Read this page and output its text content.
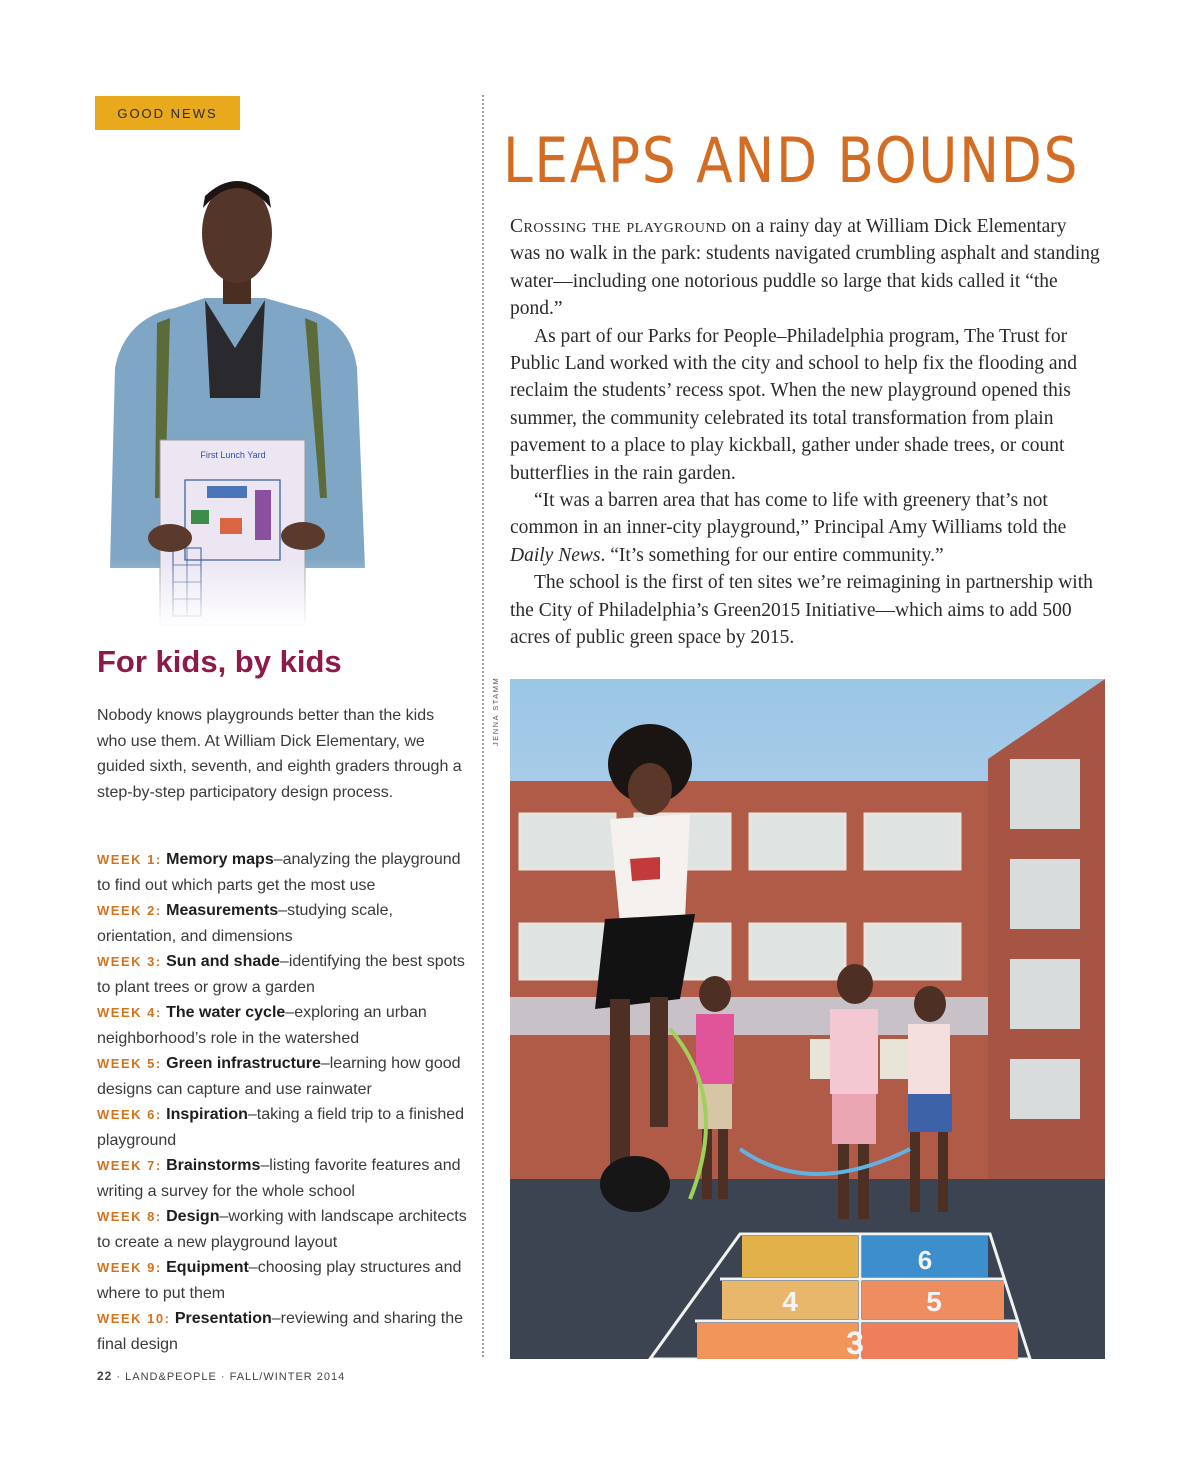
GOOD NEWS
For kids, by kids

Nobody knows playgrounds better than the kids who use them. At William Dick Elementary, we guided sixth, seventh, and eighth graders through a step-by-step participatory design process.

WEEK 1: Memory maps–analyzing the playground to find out which parts get the most use
WEEK 2: Measurements–studying scale, orientation, and dimensions
WEEK 3: Sun and shade–identifying the best spots to plant trees or grow a garden
WEEK 4: The water cycle–exploring an urban neighborhood’s role in the watershed
WEEK 5: Green infrastructure–learning how good designs can capture and use rainwater
WEEK 6: Inspiration–taking a field trip to a finished playground
WEEK 7: Brainstorms–listing favorite features and writing a survey for the whole school
WEEK 8: Design–working with landscape architects to create a new playground layout
WEEK 9: Equipment–choosing play structures and where to put them
WEEK 10: Presentation–reviewing and sharing the final design
LEAPS AND BOUNDS

Crossing the playground on a rainy day at William Dick Elementary was no walk in the park: students navigated crumbling asphalt and standing water—including one notorious puddle so large that kids called it “the pond.”

As part of our Parks for People–Philadelphia program, The Trust for Public Land worked with the city and school to help fix the flooding and reclaim the students’ recess spot. When the new playground opened this summer, the community celebrated its total transformation from plain pavement to a place to play kickball, gather under shade trees, or count butterflies in the rain garden.

“It was a barren area that has come to life with greenery that’s not common in an inner-city playground,” Principal Amy Williams told the Daily News. “It’s something for our entire community.”

The school is the first of ten sites we’re reimagining in partnership with the City of Philadelphia’s Green2015 Initiative—which aims to add 500 acres of public green space by 2015.

JENNA STAMM

6
4	5
3

22 · LAND&PEOPLE · FALL/WINTER 2014
